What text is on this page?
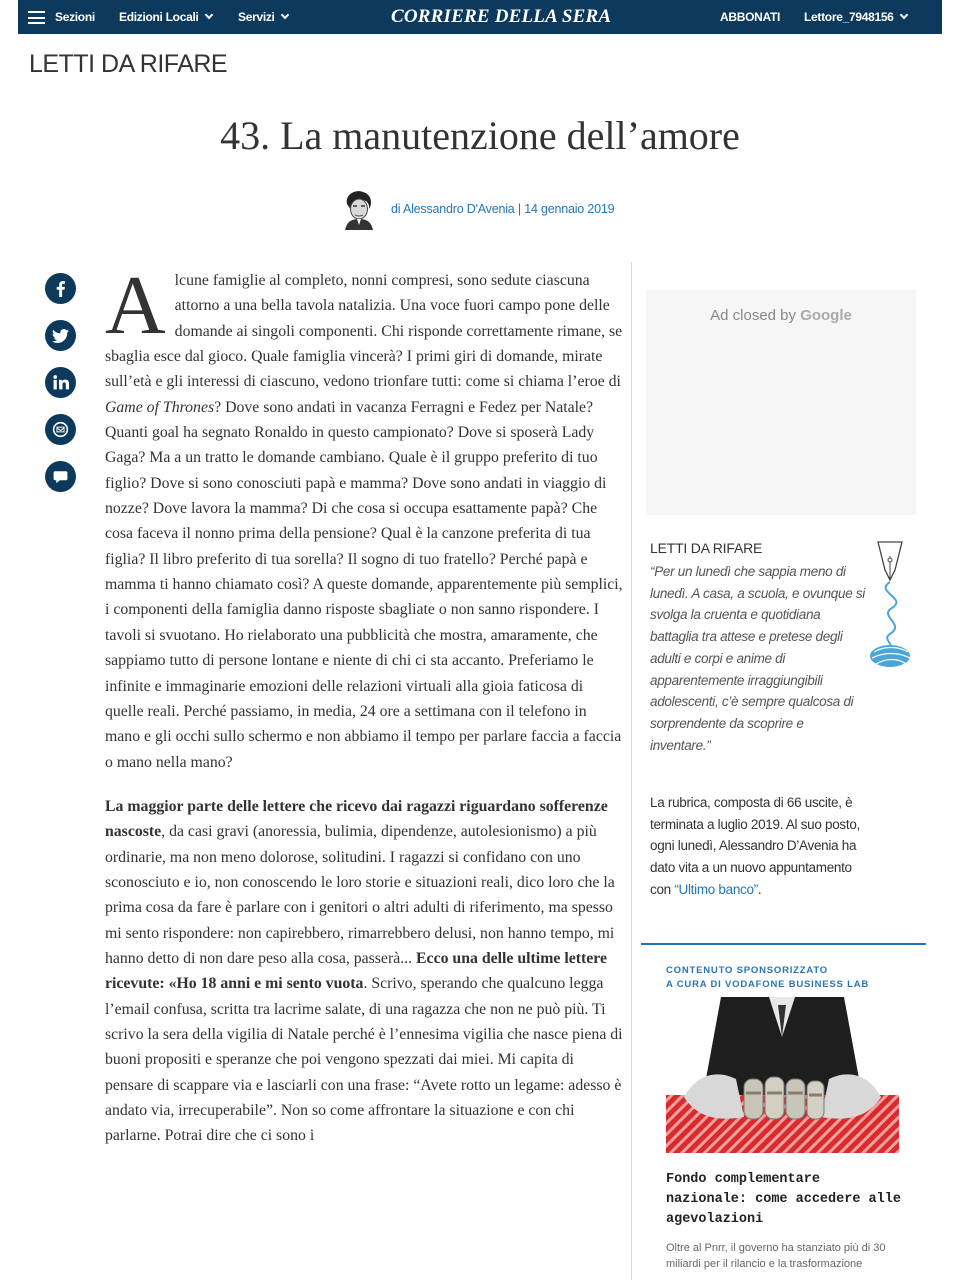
Sezioni Edizioni Locali	Servizi	CORRIERE DELLA SERA	ABBONATI Lettore_7948156
LETTI DA RIFARE
43. La manutenzione dell’amore
di Alessandro D'Avenia | 14 gennaio 2019

Alcune famiglie al completo, nonni compresi, sono sedute ciascuna attorno a una bella tavola natalizia. Una voce fuori campo pone delle domande ai singoli componenti. Chi risponde correttamente rimane, se sbaglia esce dal gioco. Quale famiglia vincerà? I primi giri di domande, mirate sull’età e gli interessi di ciascuno, vedono trionfare tutti: come si chiama l’eroe di Game of Thrones? Dove sono andati in vacanza Ferragni e Fedez per Natale? Quanti goal ha segnato Ronaldo in questo campionato? Dove si sposerà Lady Gaga? Ma a un tratto le domande cambiano. Quale è il gruppo preferito di tuo figlio? Dove si sono conosciuti papà e mamma? Dove sono andati in viaggio di nozze? Dove lavora la mamma? Di che cosa si occupa esattamente papà? Che cosa faceva il nonno prima della pensione? Qual è la canzone preferita di tua figlia? Il libro preferito di tua sorella? Il sogno di tuo fratello? Perché papà e mamma ti hanno chiamato così? A queste domande, apparentemente più semplici, i componenti della famiglia danno risposte sbagliate o non sanno rispondere. I tavoli si svuotano. Ho rielaborato una pubblicità che mostra, amaramente, che sappiamo tutto di persone lontane e niente di chi ci sta accanto. Preferiamo le infinite e immaginarie emozioni delle relazioni virtuali alla gioia faticosa di quelle reali. Perché passiamo, in media, 24 ore a settimana con il telefono in mano e gli occhi sullo schermo e non abbiamo il tempo per parlare faccia a faccia o mano nella mano?

La maggior parte delle lettere che ricevo dai ragazzi riguardano sofferenze nascoste, da casi gravi (anoressia, bulimia, dipendenze, autolesionismo) a più ordinarie, ma non meno dolorose, solitudini. I ragazzi si confidano con uno sconosciuto e io, non conoscendo le loro storie e situazioni reali, dico loro che la prima cosa da fare è parlare con i genitori o altri adulti di riferimento, ma spesso mi sento rispondere: non capirebbero, rimarrebbero delusi, non hanno tempo, mi hanno detto di non dare peso alla cosa, passerà... Ecco una delle ultime lettere ricevute: «Ho 18 anni e mi sento vuota. Scrivo, sperando che qualcuno legga l’email confusa, scritta tra lacrime salate, di una ragazza che non ne può più. Ti scrivo la sera della vigilia di Natale perché è l’ennesima vigilia che nasce piena di buoni propositi e speranze che poi vengono spezzati dai miei. Mi capita di pensare di scappare via e lasciarli con una frase: “Avete rotto un legame: adesso è andato via, irrecuperabile”. Non so come affrontare la situazione e con chi parlarne. Potrai dire che ci sono i

Ad closed by Google
LETTI DA RIFARE
“Per un lunedì che sappia meno di lunedì. A casa, a scuola, e ovunque si svolga la cruenta e quotidiana battaglia tra attese e pretese degli adulti e corpi e anime di apparentemente irraggiungibili adolescenti, c’è sempre qualcosa di sorprendente da scoprire e inventare.”
La rubrica, composta di 66 uscite, è terminata a luglio 2019. Al suo posto, ogni lunedì, Alessandro D’Avenia ha dato vita a un nuovo appuntamento con “Ultimo banco”.
CONTENUTO SPONSORIZZATO
A CURA DI VODAFONE BUSINESS LAB
Fondo complementare nazionale: come accedere alle agevolazioni
Oltre al Pnrr, il governo ha stanziato più di 30 miliardi per il rilancio e la trasformazione
